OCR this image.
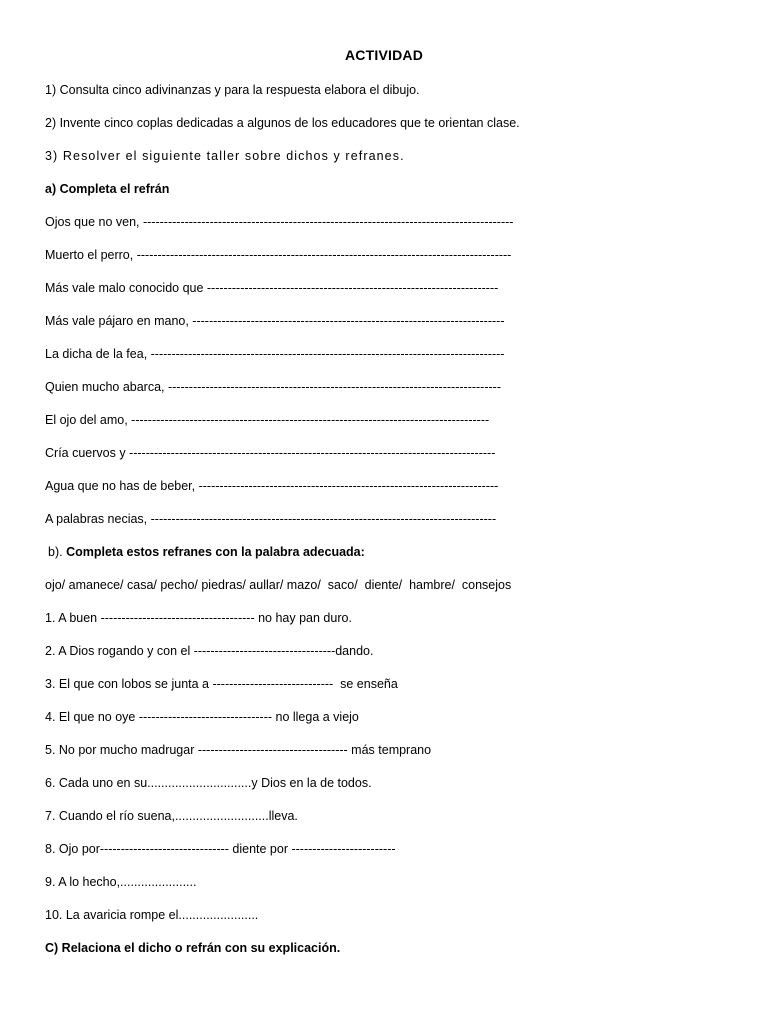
ACTIVIDAD
1) Consulta cinco adivinanzas y para la respuesta elabora el dibujo.
2) Invente cinco coplas dedicadas a algunos de los educadores que te orientan clase.
3) Resolver el siguiente taller sobre dichos y refranes.
a) Completa el refrán
Ojos que no ven, -----------------------------------------------------------------------------------------
Muerto el perro, ------------------------------------------------------------------------------------------
Más vale malo conocido que ----------------------------------------------------------------------
Más vale pájaro en mano, ---------------------------------------------------------------------------
La dicha de la fea, -------------------------------------------------------------------------------------
Quien mucho abarca, --------------------------------------------------------------------------------
El ojo del amo, --------------------------------------------------------------------------------------
Cría cuervos y ----------------------------------------------------------------------------------------
Agua que no has de beber, ------------------------------------------------------------------------
A palabras necias, -----------------------------------------------------------------------------------
b). Completa estos refranes con la palabra adecuada:
ojo/ amanece/ casa/ pecho/ piedras/ aullar/ mazo/  saco/  diente/  hambre/  consejos
1. A buen ------------------------------------- no hay pan duro.
2. A Dios rogando y con el ----------------------------------dando.
3. El que con lobos se junta a -----------------------------  se enseña
4. El que no oye -------------------------------- no llega a viejo
5. No por mucho madrugar ------------------------------------ más temprano
6. Cada uno en su..............................y Dios en la de todos.
7. Cuando el río suena,...........................lleva.
8. Ojo por------------------------------- diente por -------------------------
9. A lo hecho,......................
10. La avaricia rompe el.......................
C) Relaciona el dicho o refrán con su explicación.
